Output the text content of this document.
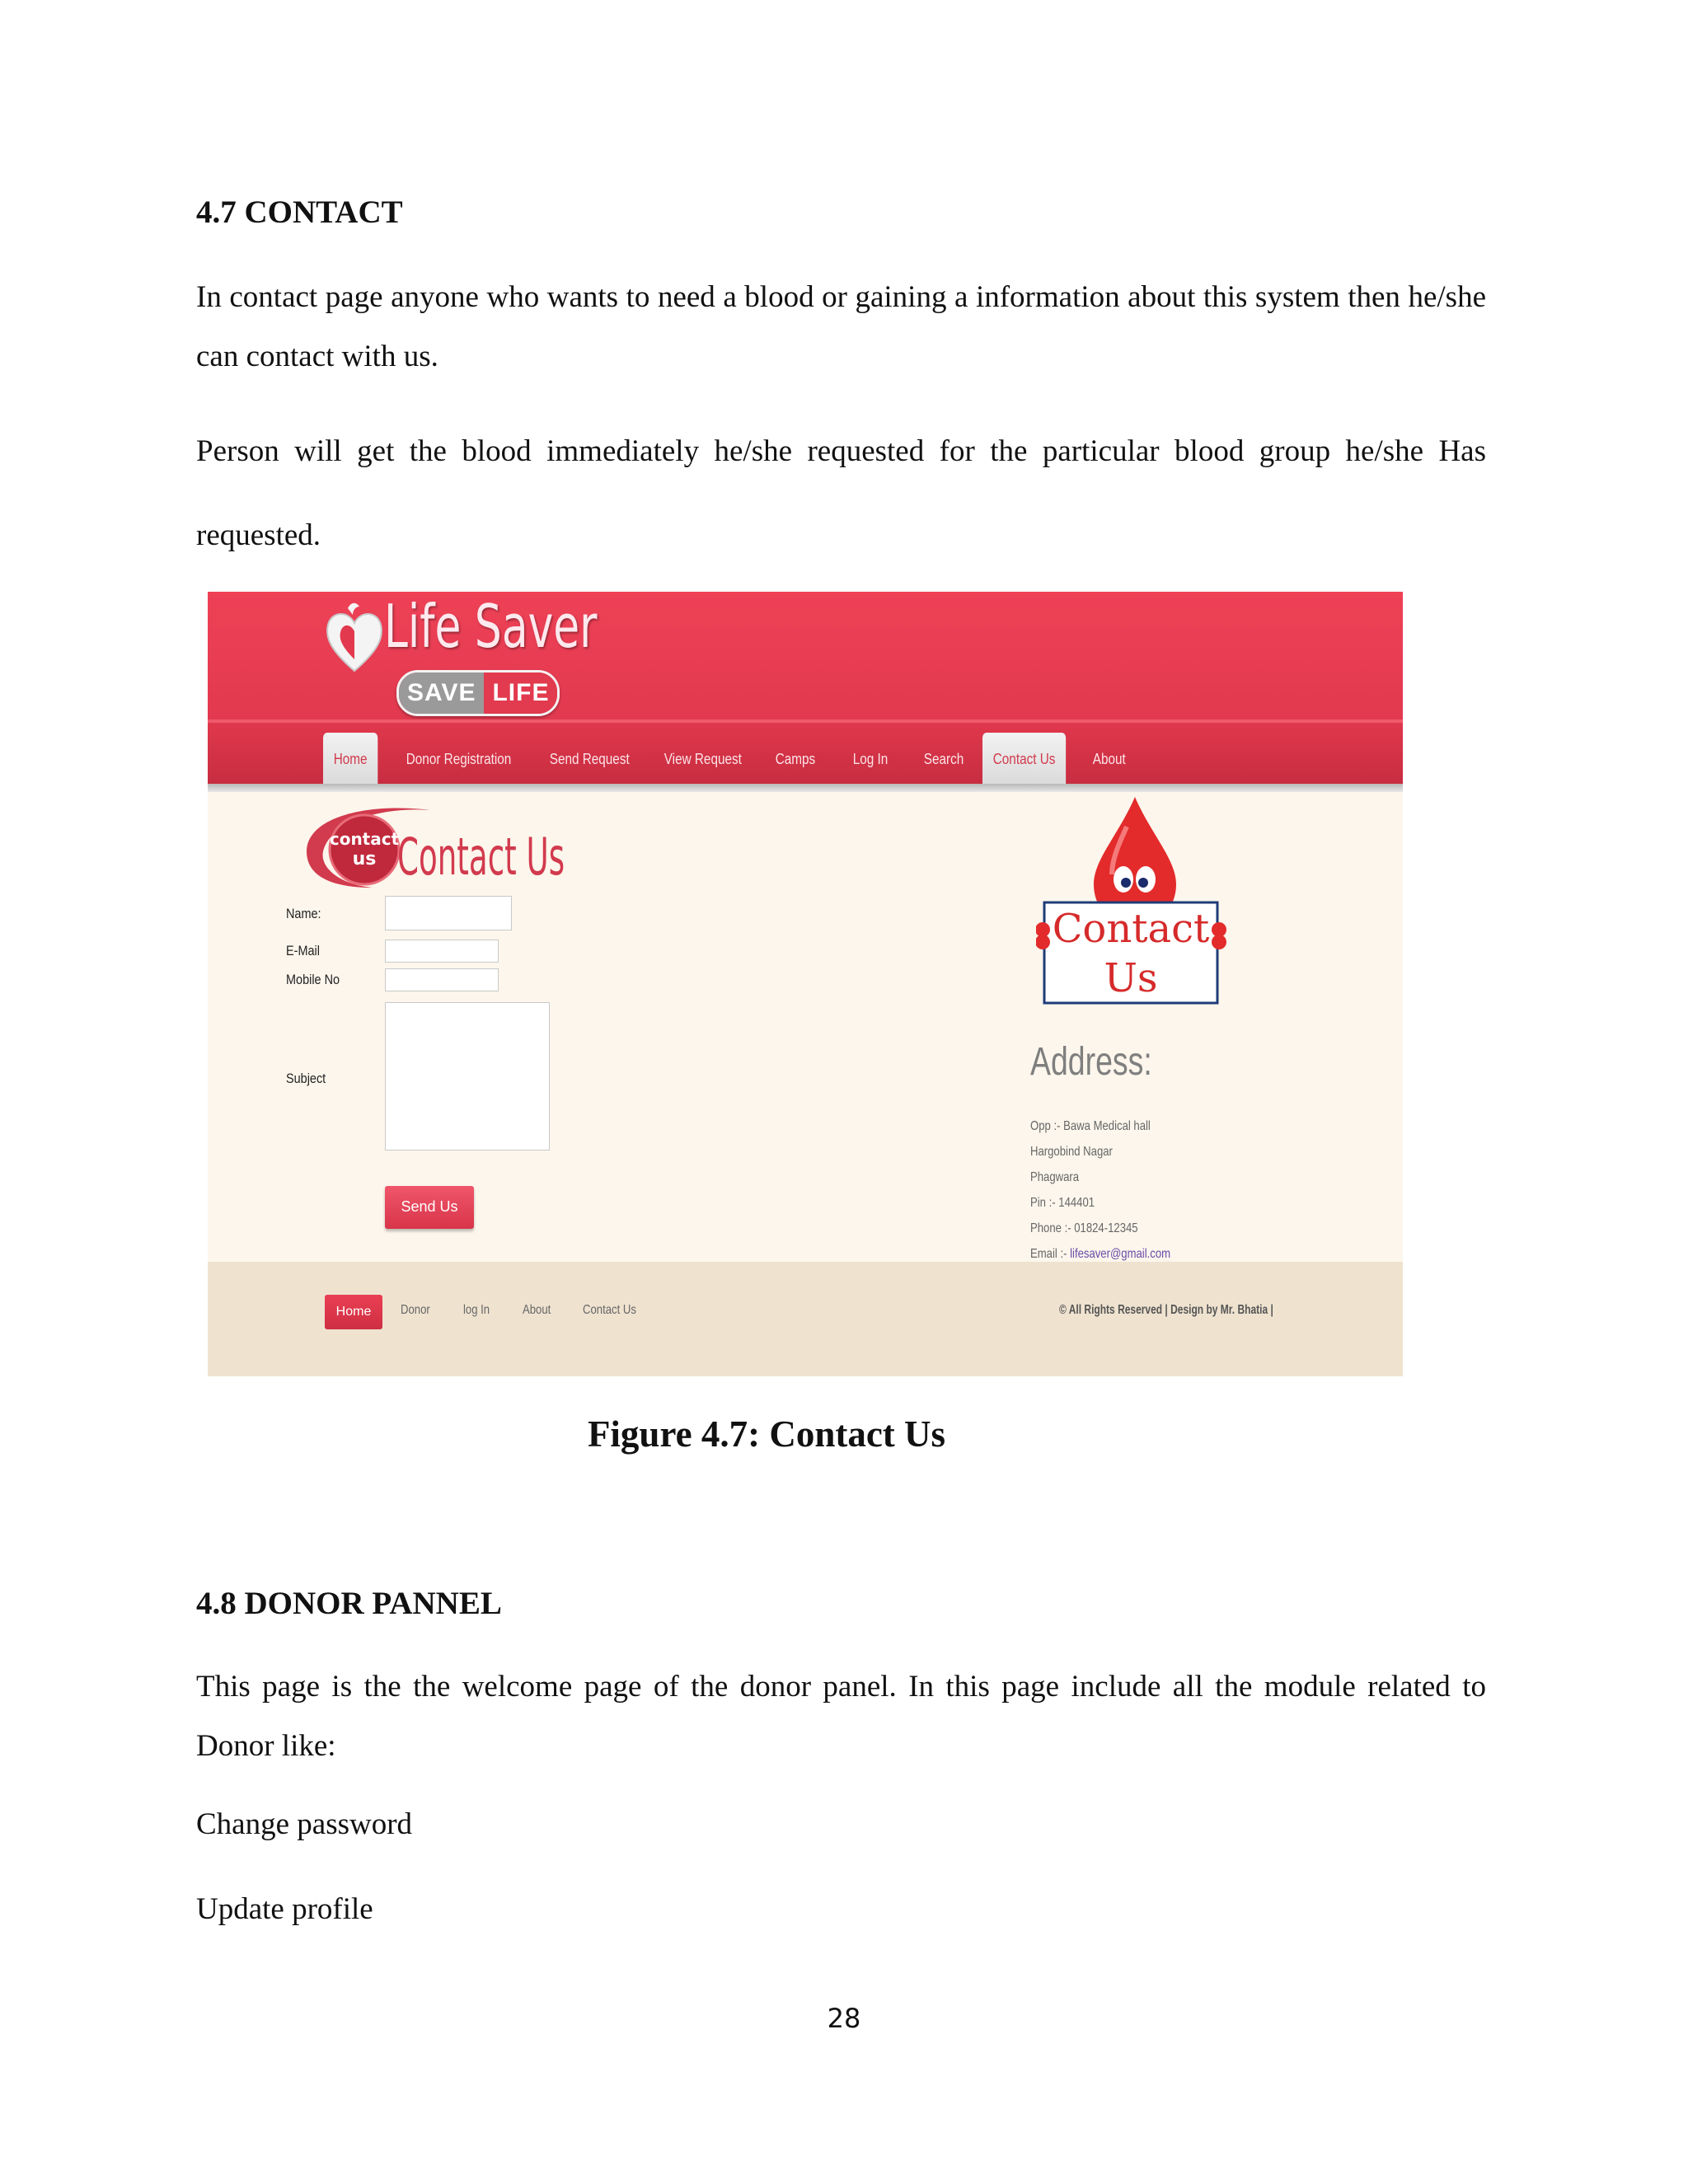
4.7 CONTACT

In contact page anyone who wants to need a blood or gaining a information about this system then he/she can contact with us.

Person will get the blood immediately he/she requested for the particular blood group he/she Has requested.

Life Saver
SAVE LIFE
Home	Donor Registration	Send Request	View Request	Camps	Log In	Search	Contact Us	About
contact
us Contact Us
Name:
E-Mail
Mobile No
Subject
Send Us
Contact
Us
Address:
Opp :- Bawa Medical hall
Hargobind Nagar
Phagwara
Pin :- 144401
Phone :- 01824-12345
Email :- lifesaver@gmail.com
Home	Donor	log In About Contact Us	© All Rights Reserved | Design by Mr. Bhatia |

Figure 4.7: Contact Us

4.8 DONOR PANNEL

This page is the the welcome page of the donor panel. In this page include all the module related to Donor like:

Change password

Update profile

28
